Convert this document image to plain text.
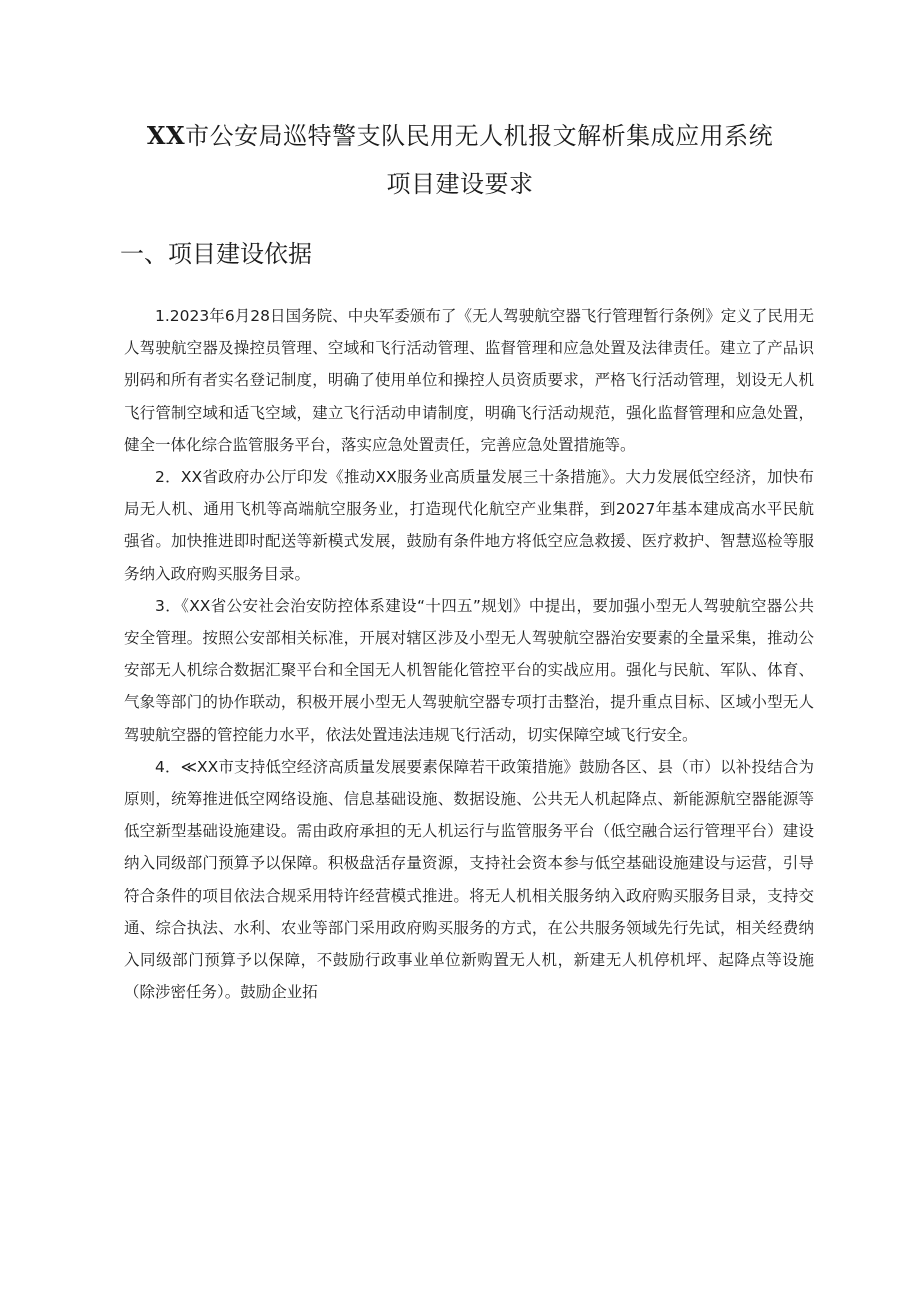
XX市公安局巡特警支队民用无人机报文解析集成应用系统
项目建设要求
一、项目建设依据

1.2023年6月28日国务院、中央军委颁布了《无人驾驶航空器飞行管理暂行条例》定义了民用无人驾驶航空器及操控员管理、空域和飞行活动管理、监督管理和应急处置及法律责任。建立了产品识别码和所有者实名登记制度，明确了使用单位和操控人员资质要求，严格飞行活动管理，划设无人机飞行管制空域和适飞空域，建立飞行活动申请制度，明确飞行活动规范，强化监督管理和应急处置，健全一体化综合监管服务平台，落实应急处置责任，完善应急处置措施等。

2．XX省政府办公厅印发《推动XX服务业高质量发展三十条措施》。大力发展低空经济，加快布局无人机、通用飞机等高端航空服务业，打造现代化航空产业集群，到2027年基本建成高水平民航强省。加快推进即时配送等新模式发展，鼓励有条件地方将低空应急救援、医疗救护、智慧巡检等服务纳入政府购买服务目录。

3．《XX省公安社会治安防控体系建设“十四五”规划》中提出，要加强小型无人驾驶航空器公共安全管理。按照公安部相关标准，开展对辖区涉及小型无人驾驶航空器治安要素的全量采集，推动公安部无人机综合数据汇聚平台和全国无人机智能化管控平台的实战应用。强化与民航、军队、体育、气象等部门的协作联动，积极开展小型无人驾驶航空器专项打击整治，提升重点目标、区域小型无人驾驶航空器的管控能力水平，依法处置违法违规飞行活动，切实保障空域飞行安全。

4．≪XX市支持低空经济高质量发展要素保障若干政策措施》鼓励各区、县（市）以补投结合为原则，统筹推进低空网络设施、信息基础设施、数据设施、公共无人机起降点、新能源航空器能源等低空新型基础设施建设。需由政府承担的无人机运行与监管服务平台（低空融合运行管理平台）建设纳入同级部门预算予以保障。积极盘活存量资源，支持社会资本参与低空基础设施建设与运营，引导符合条件的项目依法合规采用特许经营模式推进。将无人机相关服务纳入政府购买服务目录，支持交通、综合执法、水利、农业等部门采用政府购买服务的方式，在公共服务领域先行先试，相关经费纳入同级部门预算予以保障，不鼓励行政事业单位新购置无人机，新建无人机停机坪、起降点等设施（除涉密任务）。鼓励企业拓
